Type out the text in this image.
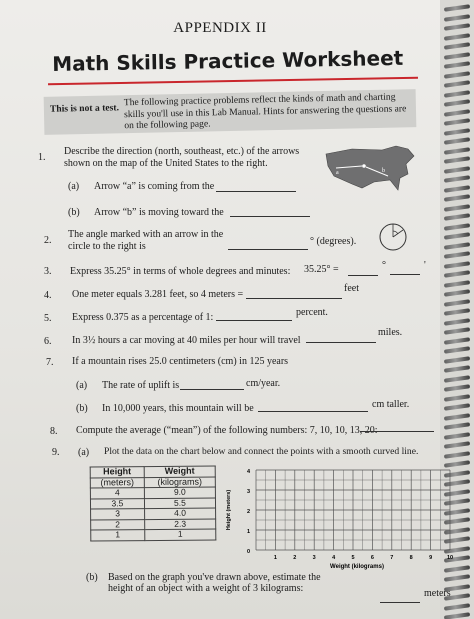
APPENDIX II
Math Skills Practice Worksheet
This is not a test.
The following practice problems reflect the kinds of math and charting skills you'll use in this Lab Manual. Hints for answering the questions are on the following page.
1.
Describe the direction (north, southeast, etc.) of the arrows
shown on the map of the United States to the right.
a	b
(a) Arrow “a” is coming from the
(b) Arrow “b” is moving toward the
2.
The angle marked with an arrow in the
circle to the right is	° (degrees).
3. Express 35.25° in terms of whole degrees and minutes: 35.25° =	°	'
4. One meter equals 3.281 feet, so 4 meters =
feet
5. Express 0.375 as a percentage of 1:	percent.
6. In 3½ hours a car moving at 40 miles per hour will travel
miles.
7. If a mountain rises 25.0 centimeters (cm) in 125 years
(a) The rate of uplift is	cm/year.
(b) In 10,000 years, this mountain will be	cm taller.
8. Compute the average (“mean”) of the following numbers: 7, 10, 10, 13, 20:
9. (a) Plot the data on the chart below and connect the points with a smooth curved line.
Height	Weight
(meters)	(kilograms)
4	9.0
3.5	5.5
3	4.0
2	2.3
1	1
4
3
2
1
0
1	2	3	4	5	6	7	8	9	10
Height (meters)
Weight (kilograms)
(b) Based on the graph you've drawn above, estimate the
height of an object with a weight of 3 kilograms:	meters
